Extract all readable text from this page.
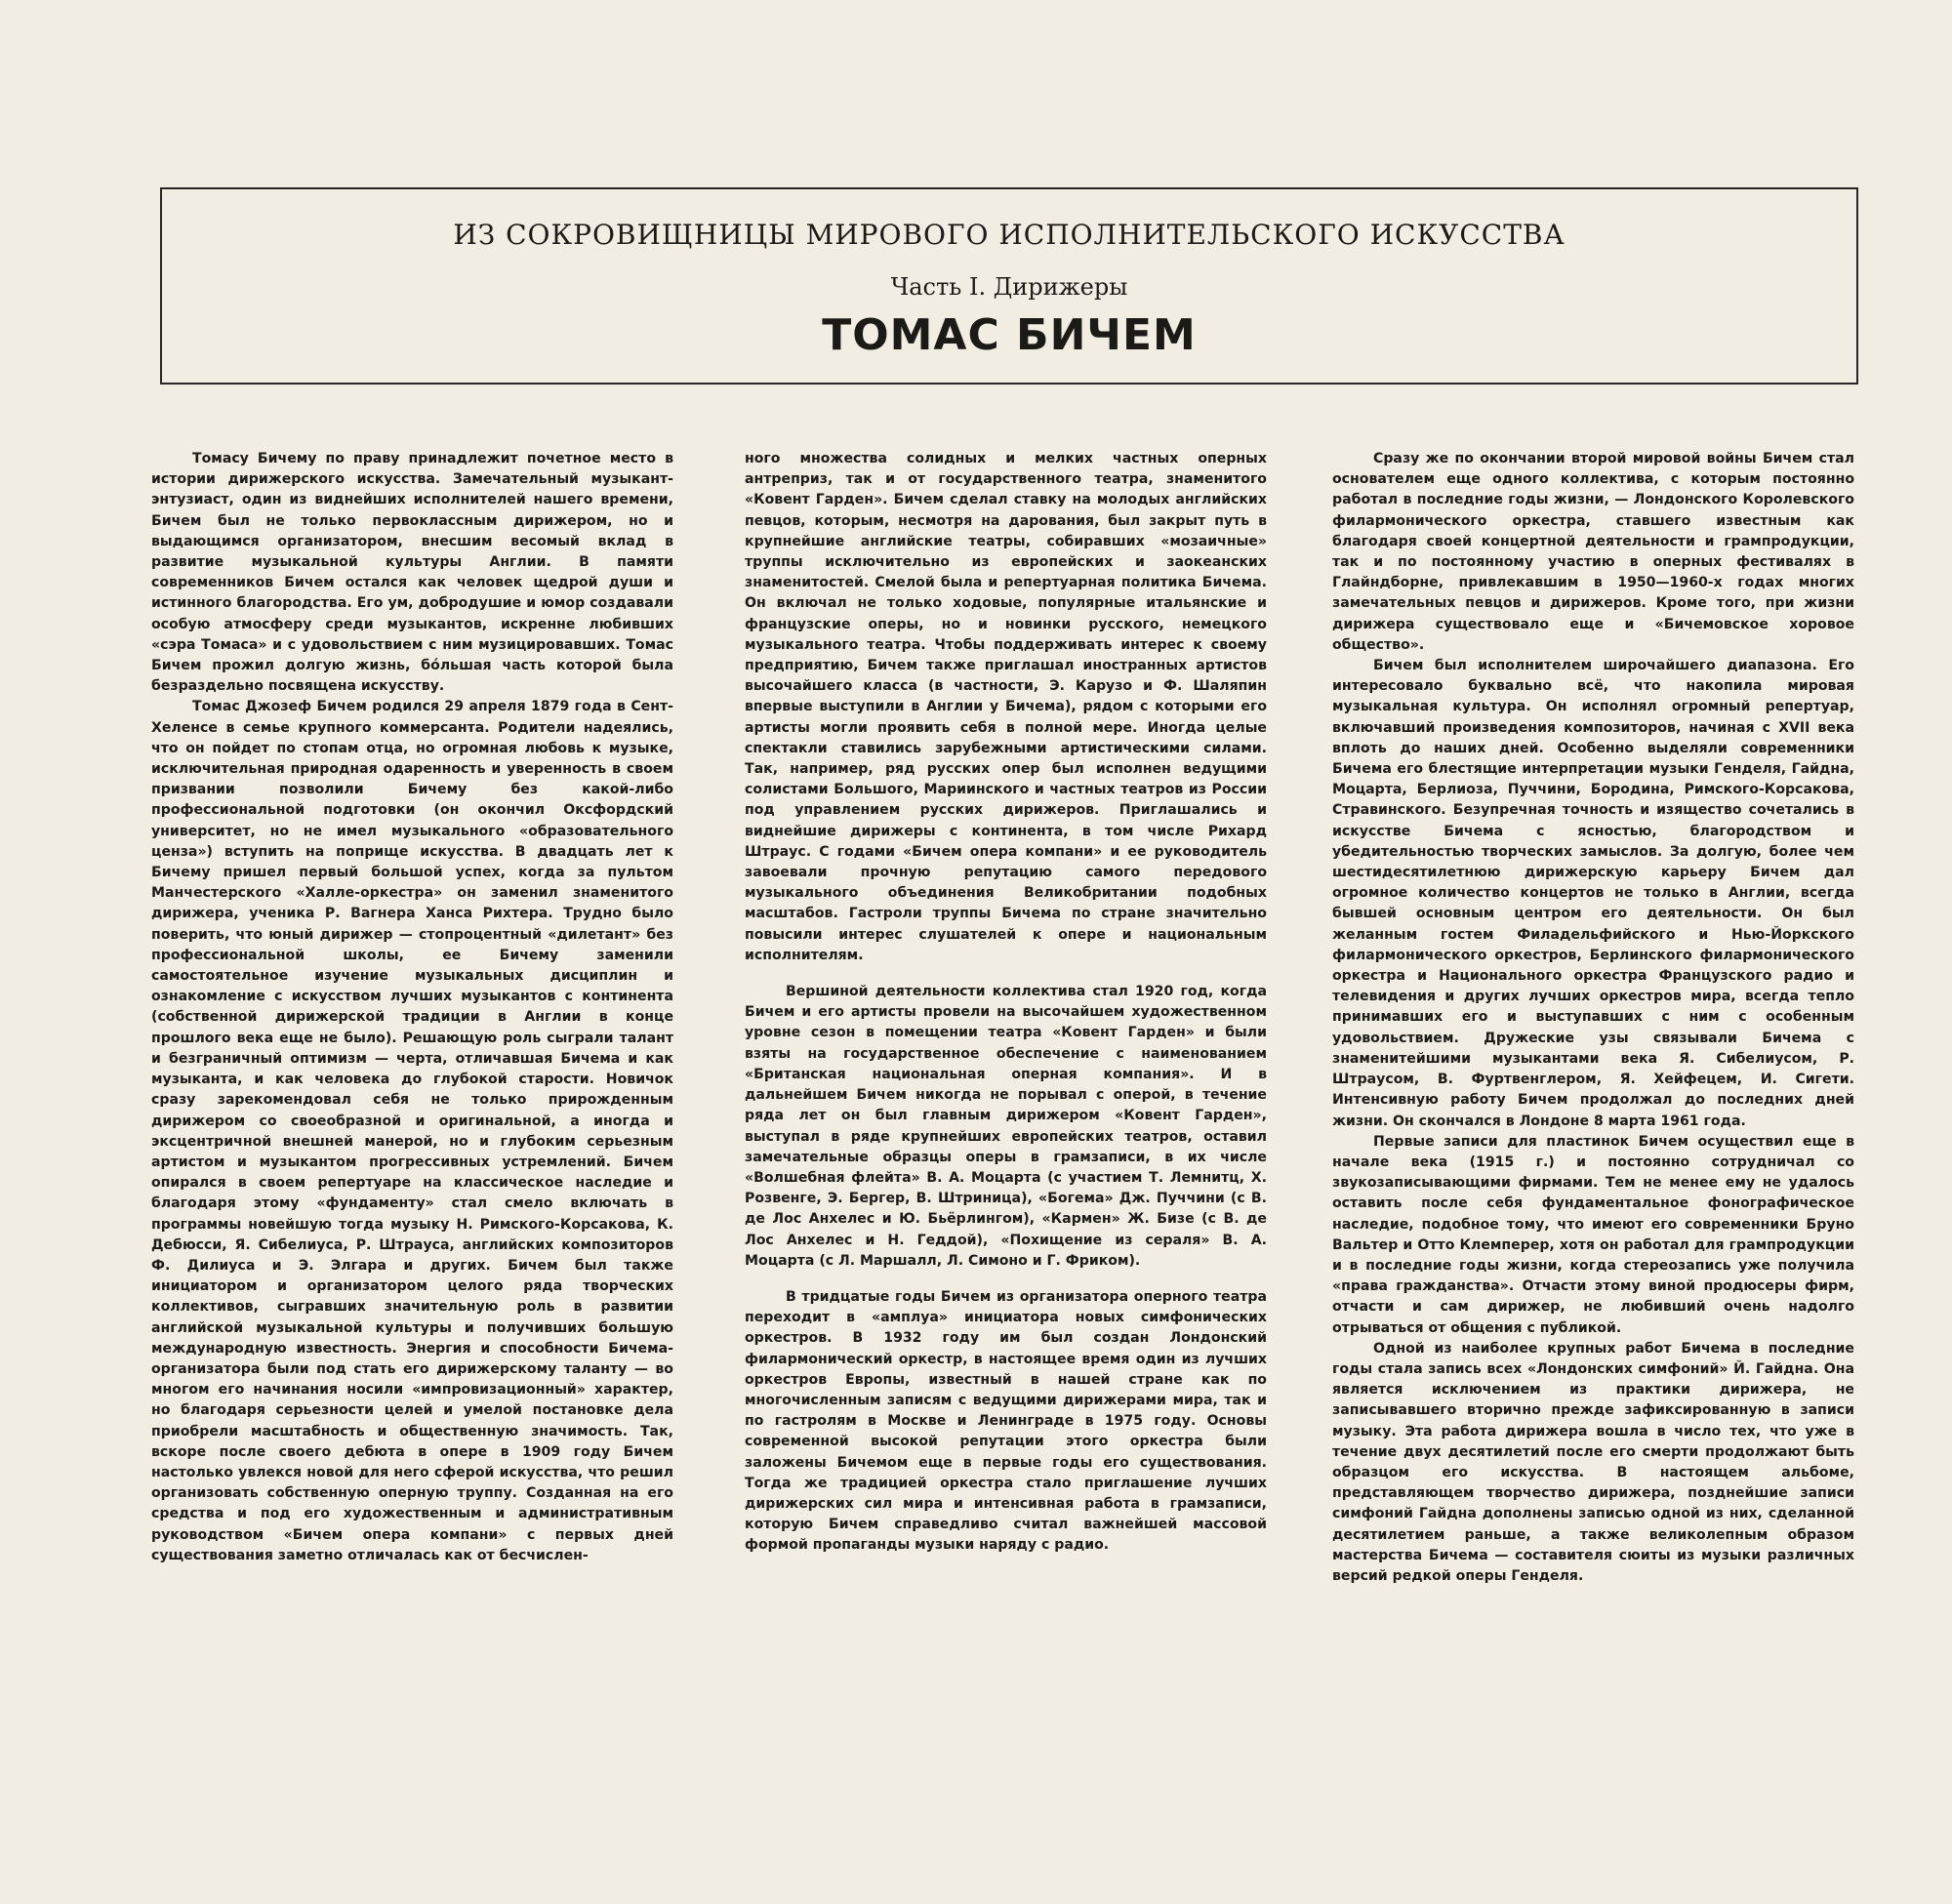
ИЗ СОКРОВИЩНИЦЫ МИРОВОГО ИСПОЛНИТЕЛЬСКОГО ИСКУССТВА
Часть I. Дирижеры
ТОМАС БИЧЕМ

Томасу Бичему по праву принадлежит почетное место в истории дирижерского искусства. Замечательный музыкант-энтузиаст, один из виднейших исполнителей нашего времени, Бичем был не только первоклассным дирижером, но и выдающимся организатором, внесшим весомый вклад в развитие музыкальной культуры Англии. В памяти современников Бичем остался как человек щедрой души и истинного благородства. Его ум, добродушие и юмор создавали особую атмосферу среди музыкантов, искренне любивших «сэра Томаса» и с удовольствием с ним музицировавших. Томас Бичем прожил долгую жизнь, бо́льшая часть которой была безраздельно посвящена искусству.

Томас Джозеф Бичем родился 29 апреля 1879 года в Сент-Хеленсе в семье крупного коммерсанта. Родители надеялись, что он пойдет по стопам отца, но огромная любовь к музыке, исключительная природная одаренность и уверенность в своем призвании позволили Бичему без какой-либо профессиональной подготовки (он окончил Оксфордский университет, но не имел музыкального «образовательного ценза») вступить на поприще искусства. В двадцать лет к Бичему пришел первый большой успех, когда за пультом Манчестерского «Халле-оркестра» он заменил знаменитого дирижера, ученика Р. Вагнера Ханса Рихтера. Трудно было поверить, что юный дирижер — стопроцентный «дилетант» без профессиональной школы, ее Бичему заменили самостоятельное изучение музыкальных дисциплин и ознакомление с искусством лучших музыкантов с континента (собственной дирижерской традиции в Англии в конце прошлого века еще не было). Решающую роль сыграли талант и безграничный оптимизм — черта, отличавшая Бичема и как музыканта, и как человека до глубокой старости. Новичок сразу зарекомендовал себя не только прирожденным дирижером со своеобразной и оригинальной, а иногда и эксцентричной внешней манерой, но и глубоким серьезным артистом и музыкантом прогрессивных устремлений. Бичем опирался в своем репертуаре на классическое наследие и благодаря этому «фундаменту» стал смело включать в программы новейшую тогда музыку Н. Римского-Корсакова, К. Дебюсси, Я. Сибелиуса, Р. Штрауса, английских композиторов Ф. Дилиуса и Э. Элгара и других. Бичем был также инициатором и организатором целого ряда творческих коллективов, сыгравших значительную роль в развитии английской музыкальной культуры и получивших большую международную известность. Энергия и способности Бичема-организатора были под стать его дирижерскому таланту — во многом его начинания носили «импровизационный» характер, но благодаря серьезности целей и умелой постановке дела приобрели масштабность и общественную значимость. Так, вскоре после своего дебюта в опере в 1909 году Бичем настолько увлекся новой для него сферой искусства, что решил организовать собственную оперную труппу. Созданная на его средства и под его художественным и административным руководством «Бичем опера компани» с первых дней существования заметно отличалась как от бесчислен-

ного множества солидных и мелких частных оперных антреприз, так и от государственного театра, знаменитого «Ковент Гарден». Бичем сделал ставку на молодых английских певцов, которым, несмотря на дарования, был закрыт путь в крупнейшие английские театры, собиравших «мозаичные» труппы исключительно из европейских и заокеанских знаменитостей. Смелой была и репертуарная политика Бичема. Он включал не только ходовые, популярные итальянские и французские оперы, но и новинки русского, немецкого музыкального театра. Чтобы поддерживать интерес к своему предприятию, Бичем также приглашал иностранных артистов высочайшего класса (в частности, Э. Карузо и Ф. Шаляпин впервые выступили в Англии у Бичема), рядом с которыми его артисты могли проявить себя в полной мере. Иногда целые спектакли ставились зарубежными артистическими силами. Так, например, ряд русских опер был исполнен ведущими солистами Большого, Мариинского и частных театров из России под управлением русских дирижеров. Приглашались и виднейшие дирижеры с континента, в том числе Рихард Штраус. С годами «Бичем опера компани» и ее руководитель завоевали прочную репутацию самого передового музыкального объединения Великобритании подобных масштабов. Гастроли труппы Бичема по стране значительно повысили интерес слушателей к опере и национальным исполнителям.

Вершиной деятельности коллектива стал 1920 год, когда Бичем и его артисты провели на высочайшем художественном уровне сезон в помещении театра «Ковент Гарден» и были взяты на государственное обеспечение с наименованием «Британская национальная оперная компания». И в дальнейшем Бичем никогда не порывал с оперой, в течение ряда лет он был главным дирижером «Ковент Гарден», выступал в ряде крупнейших европейских театров, оставил замечательные образцы оперы в грамзаписи, в их числе «Волшебная флейта» В. А. Моцарта (с участием Т. Лемнитц, Х. Розвенге, Э. Бергер, В. Штриница), «Богема» Дж. Пуччини (с В. де Лос Анхелес и Ю. Бьёрлингом), «Кармен» Ж. Бизе (с В. де Лос Анхелес и Н. Геддой), «Похищение из сераля» В. А. Моцарта (с Л. Маршалл, Л. Симоно и Г. Фриком).

В тридцатые годы Бичем из организатора оперного театра переходит в «амплуа» инициатора новых симфонических оркестров. В 1932 году им был создан Лондонский филармонический оркестр, в настоящее время один из лучших оркестров Европы, известный в нашей стране как по многочисленным записям с ведущими дирижерами мира, так и по гастролям в Москве и Ленинграде в 1975 году. Основы современной высокой репутации этого оркестра были заложены Бичемом еще в первые годы его существования. Тогда же традицией оркестра стало приглашение лучших дирижерских сил мира и интенсивная работа в грамзаписи, которую Бичем справедливо считал важнейшей массовой формой пропаганды музыки наряду с радио.

Сразу же по окончании второй мировой войны Бичем стал основателем еще одного коллектива, с которым постоянно работал в последние годы жизни, — Лондонского Королевского филармонического оркестра, ставшего известным как благодаря своей концертной деятельности и грампродукции, так и по постоянному участию в оперных фестивалях в Глайндборне, привлекавшим в 1950—1960-х годах многих замечательных певцов и дирижеров. Кроме того, при жизни дирижера существовало еще и «Бичемовское хоровое общество».

Бичем был исполнителем широчайшего диапазона. Его интересовало буквально всё, что накопила мировая музыкальная культура. Он исполнял огромный репертуар, включавший произведения композиторов, начиная с XVII века вплоть до наших дней. Особенно выделяли современники Бичема его блестящие интерпретации музыки Генделя, Гайдна, Моцарта, Берлиоза, Пуччини, Бородина, Римского-Корсакова, Стравинского. Безупречная точность и изящество сочетались в искусстве Бичема с ясностью, благородством и убедительностью творческих замыслов. За долгую, более чем шестидесятилетнюю дирижерскую карьеру Бичем дал огромное количество концертов не только в Англии, всегда бывшей основным центром его деятельности. Он был желанным гостем Филадельфийского и Нью-Йоркского филармонического оркестров, Берлинского филармонического оркестра и Национального оркестра Французского радио и телевидения и других лучших оркестров мира, всегда тепло принимавших его и выступавших с ним с особенным удовольствием. Дружеские узы связывали Бичема с знаменитейшими музыкантами века Я. Сибелиусом, Р. Штраусом, В. Фуртвенглером, Я. Хейфецем, И. Сигети. Интенсивную работу Бичем продолжал до последних дней жизни. Он скончался в Лондоне 8 марта 1961 года.

Первые записи для пластинок Бичем осуществил еще в начале века (1915 г.) и постоянно сотрудничал со звукозаписывающими фирмами. Тем не менее ему не удалось оставить после себя фундаментальное фонографическое наследие, подобное тому, что имеют его современники Бруно Вальтер и Отто Клемперер, хотя он работал для грампродукции и в последние годы жизни, когда стереозапись уже получила «права гражданства». Отчасти этому виной продюсеры фирм, отчасти и сам дирижер, не любивший очень надолго отрываться от общения с публикой.

Одной из наиболее крупных работ Бичема в последние годы стала запись всех «Лондонских симфоний» Й. Гайдна. Она является исключением из практики дирижера, не записывавшего вторично прежде зафиксированную в записи музыку. Эта работа дирижера вошла в число тех, что уже в течение двух десятилетий после его смерти продолжают быть образцом его искусства. В настоящем альбоме, представляющем творчество дирижера, позднейшие записи симфоний Гайдна дополнены записью одной из них, сделанной десятилетием раньше, а также великолепным образом мастерства Бичема — составителя сюиты из музыки различных версий редкой оперы Генделя.
